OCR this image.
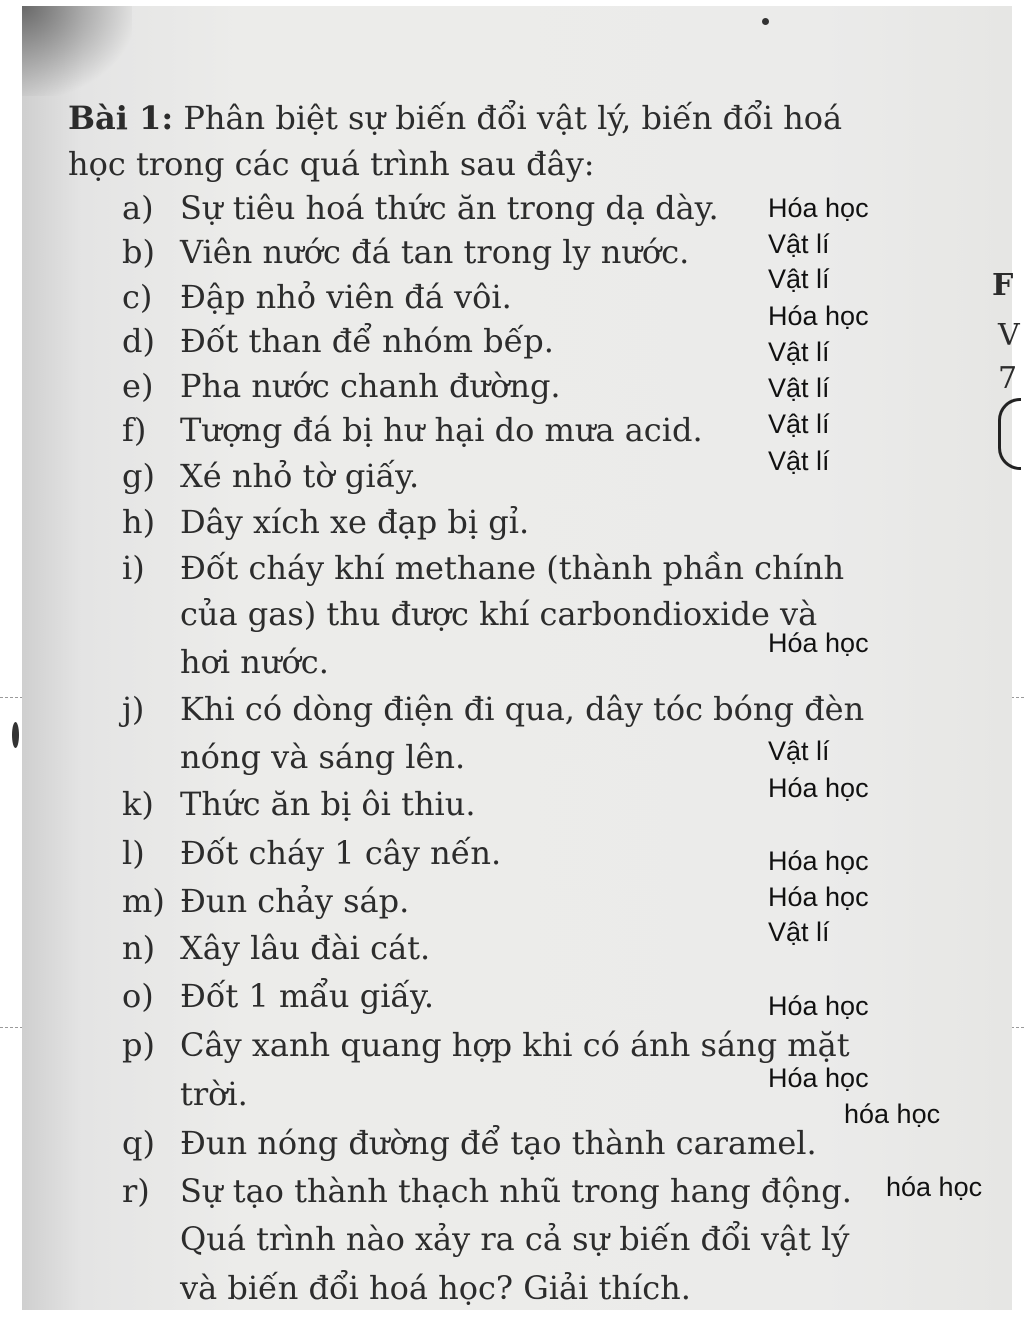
Bài 1: Phân biệt sự biến đổi vật lý, biến đổi hoá
học trong các quá trình sau đây:
a) Sự tiêu hoá thức ăn trong dạ dày.
b) Viên nước đá tan trong ly nước.
c) Đập nhỏ viên đá vôi.
d) Đốt than để nhóm bếp.
e) Pha nước chanh đường.
f) Tượng đá bị hư hại do mưa acid.
g) Xé nhỏ tờ giấy.
h) Dây xích xe đạp bị gỉ.
i) Đốt cháy khí methane (thành phần chính
của gas) thu được khí carbondioxide và
hơi nước.
j) Khi có dòng điện đi qua, dây tóc bóng đèn
nóng và sáng lên.
k) Thức ăn bị ôi thiu.
l) Đốt cháy 1 cây nến.
m) Đun chảy sáp.
n) Xây lâu đài cát.
o) Đốt 1 mẩu giấy.
p) Cây xanh quang hợp khi có ánh sáng mặt
trời.
q) Đun nóng đường để tạo thành caramel.
r) Sự tạo thành thạch nhũ trong hang động.
Quá trình nào xảy ra cả sự biến đổi vật lý
và biến đổi hoá học? Giải thích.
F
V
7
Hóa học
Vật lí
Vật lí
Hóa học
Vật lí
Vật lí
Vật lí
Vật lí
Hóa học
Vật lí
Hóa học
Hóa học
Hóa học
Vật lí
Hóa học
Hóa học
hóa học
hóa học
